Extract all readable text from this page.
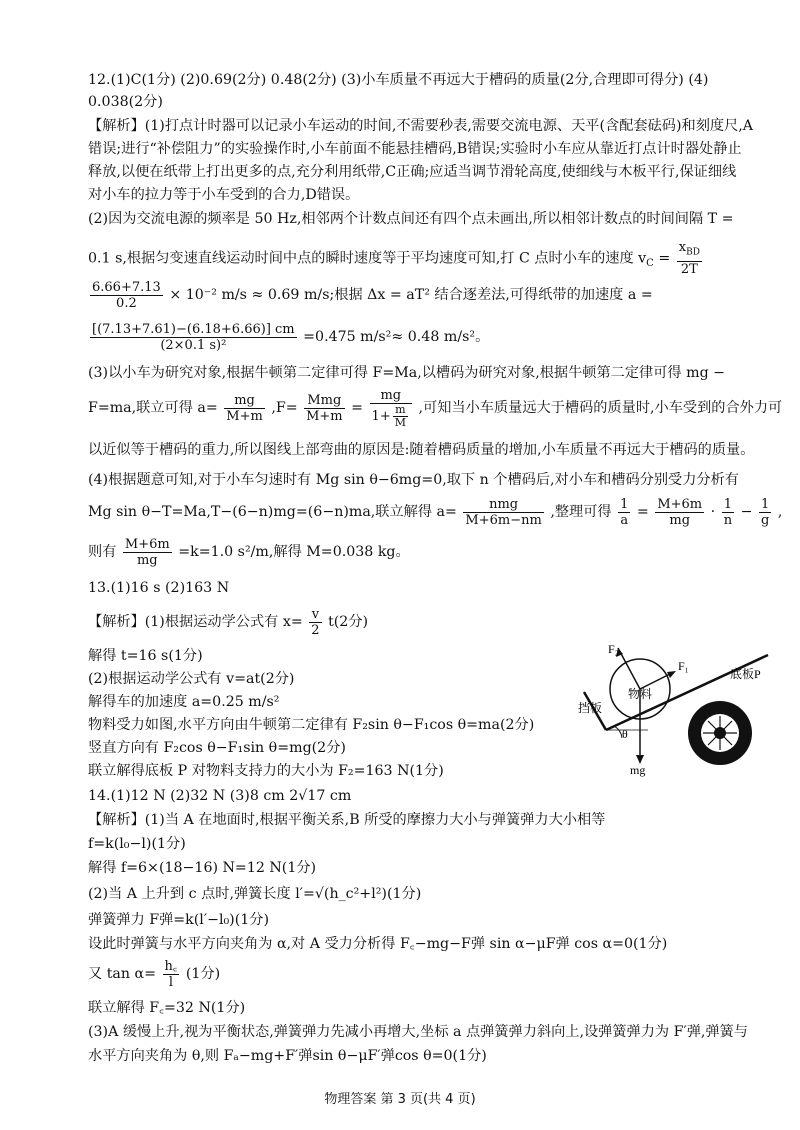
12.(1)C(1分) (2)0.69(2分) 0.48(2分) (3)小车质量不再远大于槽码的质量(2分,合理即可得分) (4)
0.038(2分)
【解析】(1)打点计时器可以记录小车运动的时间,不需要秒表,需要交流电源、天平(含配套砝码)和刻度尺,A
错误;进行“补偿阻力”的实验操作时,小车前面不能悬挂槽码,B错误;实验时小车应从靠近打点计时器处静止
释放,以便在纸带上打出更多的点,充分利用纸带,C正确;应适当调节滑轮高度,使细线与木板平行,保证细线
对小车的拉力等于小车受到的合力,D错误。
(2)因为交流电源的频率是 50 Hz,相邻两个计数点间还有四个点未画出,所以相邻计数点的时间间隔 T =
0.1 s,根据匀变速直线运动时间中点的瞬时速度等于平均速度可知,打 C 点时小车的速度 $v_C = \frac{x_{BD}}{2T}$
$\frac{6.66+7.13}{0.2} \times 10^{-2}$ m/s ≈ 0.69 m/s;根据 Δx = aT² 结合逐差法,可得纸带的加速度 a =
$\frac{[(7.13+7.61)-(6.18+6.66)] cm}{\text{(2×0.1 s)²}} =0.475$ m/s²≈ 0.48 m/s²。
(3)以小车为研究对象,根据牛顿第二定律可得 F=Ma,以槽码为研究对象,根据牛顿第二定律可得 mg −
F=ma,联立可得 $a= \frac{mg}{M+m} ,F= \frac{\text{Mmg}}{M+m} = \frac{mg}{1+ \frac{m}{M}}$ ,可知当小车质量远大于槽码的质量时,小车受到的合外力可
以近似等于槽码的重力,所以图线上部弯曲的原因是:随着槽码质量的增加,小车质量不再远大于槽码的质量。
(4)根据题意可知,对于小车匀速时有 Mg sin θ−6mg=0,取下 n 个槽码后,对小车和槽码分别受力分析有
Mg sin θ−T=Ma,T−(6−n)mg=(6−n)ma,联立解得 $a= \frac{\text{nmg}}{M+6m-nm}$ ,整理可得 $\frac{1}{a} = \frac{M+6m}{mg} \cdot \frac{1}{n} - \frac{1}{g}$ ,
则有 $\frac{M+6m}{mg} =k=1.0$ s²/m,解得 M=0.038 kg。
13.(1)16 s (2)163 N
【解析】(1)根据运动学公式有 $x= \frac{v}{2} t(2$分)
解得 t=16 s(1分)
(2)根据运动学公式有 v=at(2分)
解得车的加速度 a=0.25 m/s²
物料受力如图,水平方向由牛顿第二定律有 F₂sin θ−F₁cos θ=ma(2分)
竖直方向有 F₂cos θ−F₁sin θ=mg(2分)
联立解得底板 P 对物料支持力的大小为 F₂=163 N(1分)
F₂
F₁
物料
底板P
挡板
θ
mg
14.(1)12 N (2)32 N (3)8 cm 2√17 cm
【解析】(1)当 A 在地面时,根据平衡关系,B 所受的摩擦力大小与弹簧弹力大小相等
f=k(l₀−l)(1分)
解得 f=6×(18−16) N=12 N(1分)
(2)当 A 上升到 c 点时,弹簧长度 l′=√(h_c²+l²)(1分)
弹簧弹力 F弹=k(l′−l₀)(1分)
设此时弹簧与水平方向夹角为 α,对 A 受力分析得 F꜀−mg−F弹 sin α−μF弹 cos α=0(1分)
又 $\tan \alpha= \frac{h꜀}{l} (1$分)
联立解得 F꜀=32 N(1分)
(3)A 缓慢上升,视为平衡状态,弹簧弹力先减小再增大,坐标 a 点弹簧弹力斜向上,设弹簧弹力为 F′弹,弹簧与
水平方向夹角为 θ,则 Fₐ−mg+F′弹sin θ−μF′弹cos θ=0(1分)
物理答案 第 3 页(共 4 页)
